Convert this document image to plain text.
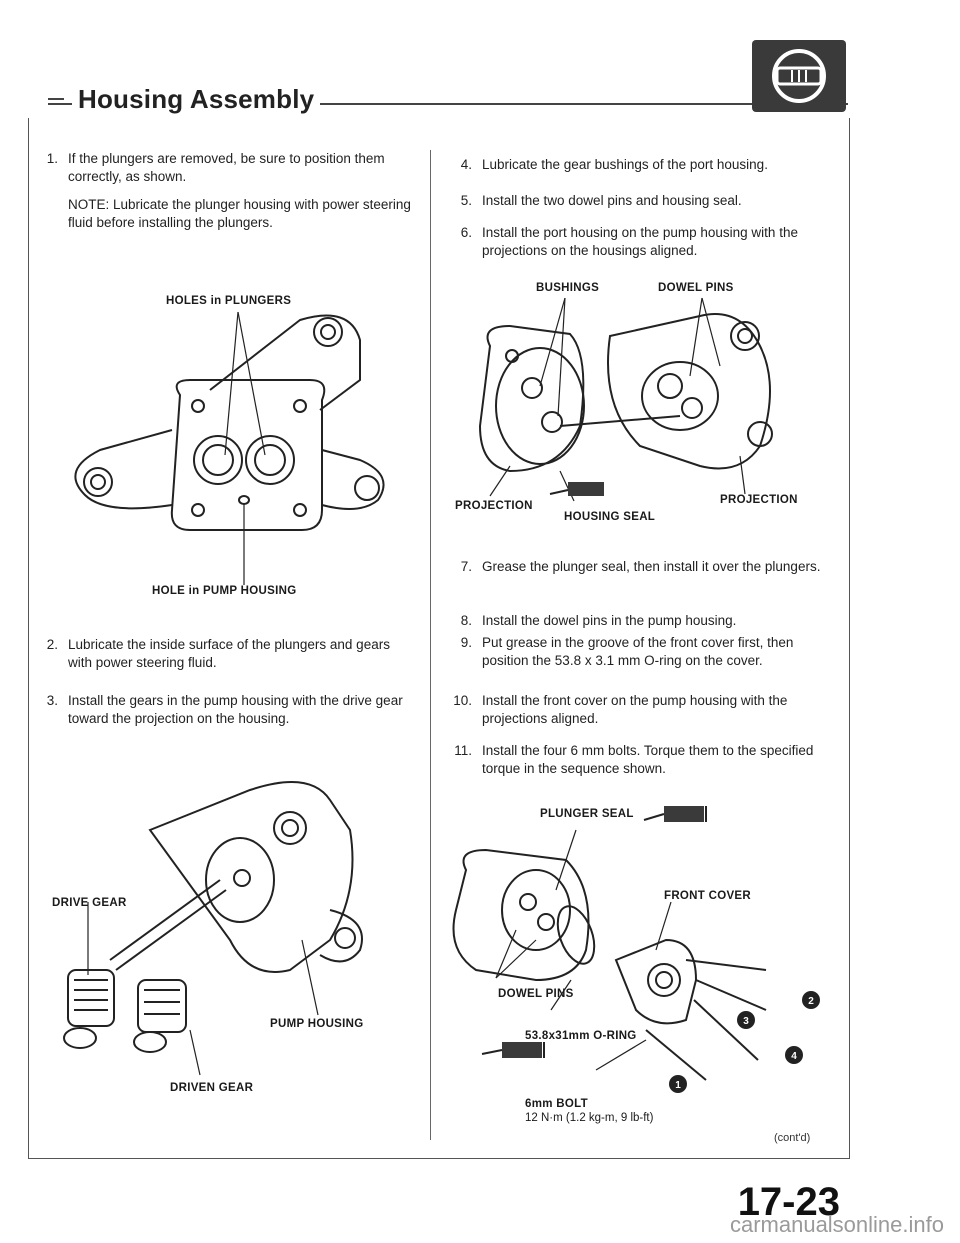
Housing Assembly
1. If the plungers are removed, be sure to position them correctly, as shown.
NOTE: Lubricate the plunger housing with power steering fluid before installing the plungers.
HOLES in PLUNGERS
HOLE in PUMP HOUSING
2. Lubricate the inside surface of the plungers and gears with power steering fluid.
3. Install the gears in the pump housing with the drive gear toward the projection on the housing.
DRIVE GEAR
PUMP HOUSING
DRIVEN GEAR
4. Lubricate the gear bushings of the port housing.
5. Install the two dowel pins and housing seal.
6. Install the port housing on the pump housing with the projections on the housings aligned.
BUSHINGS	DOWEL PINS
PROJECTION	PROJECTION
HOUSING SEAL
7. Grease the plunger seal, then install it over the plungers.
8. Install the dowel pins in the pump housing.
9. Put grease in the groove of the front cover first, then position the 53.8 x 3.1 mm O-ring on the cover.
10. Install the front cover on the pump housing with the projections aligned.
11. Install the four 6 mm bolts. Torque them to the specified torque in the sequence shown.
PLUNGER SEAL
FRONT COVER
2
3
4
1
DOWEL PINS
53.8x31mm O-RING
6mm BOLT
12 N·m (1.2 kg-m, 9 lb-ft)
(cont'd)
17-23
carmanualsonline.info
